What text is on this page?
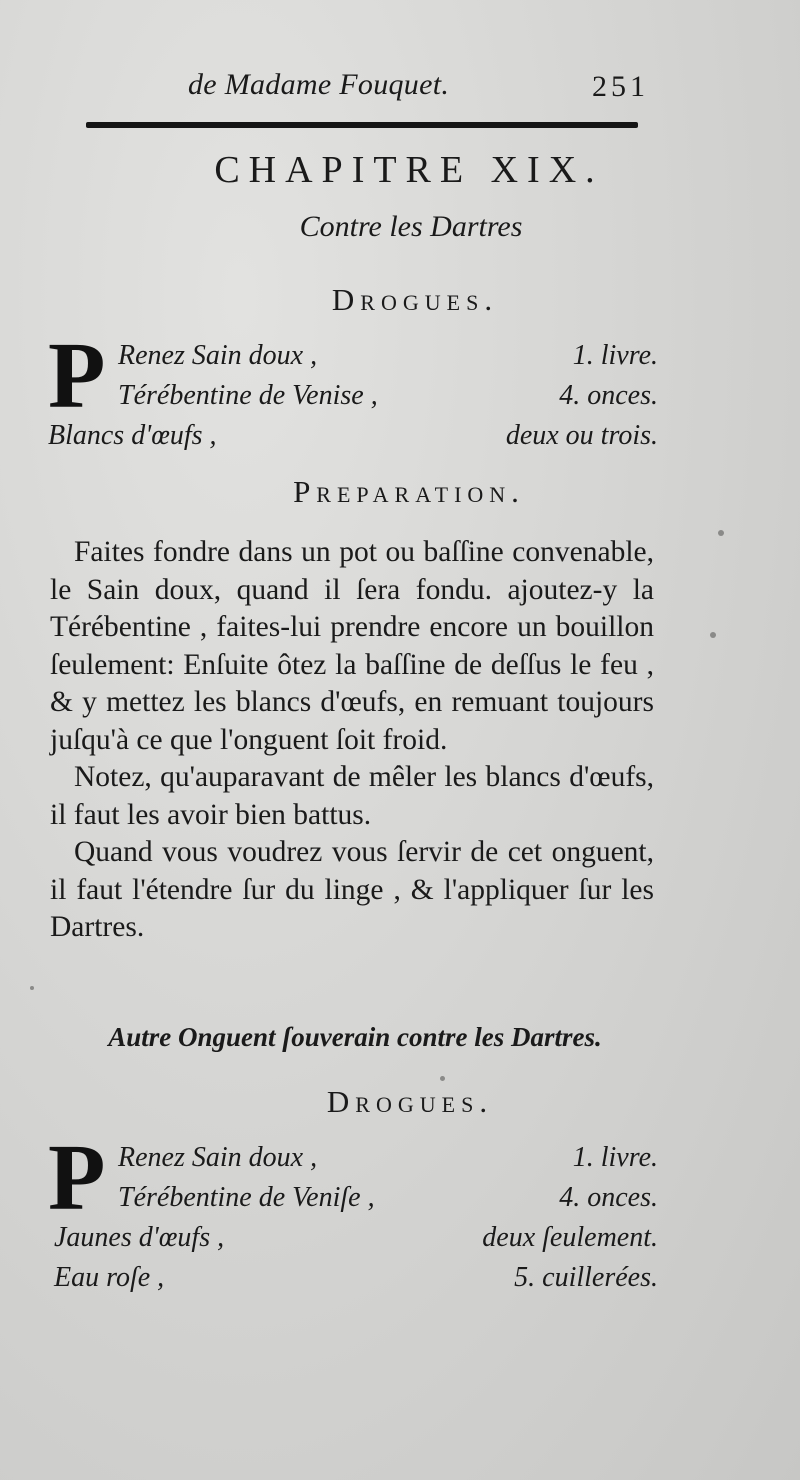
de Madame Fouquet.	251
CHAPITRE XIX.
Contre les Dartres
Drogues.
P Renez Sain doux ,	1. livre.
Térébentine de Venise ,	4. onces.
Blancs d'œufs ,	deux ou trois.
Preparation.

Faites fondre dans un pot ou baſſine convenable, le Sain doux, quand il ſera fondu. ajoutez-y la Térébentine , faites-lui prendre encore un bouillon ſeulement: Enſuite ôtez la baſſine de deſſus le feu , & y mettez les blancs d'œufs, en remuant toujours juſqu'à ce que l'onguent ſoit froid.

Notez, qu'auparavant de mêler les blancs d'œufs, il faut les avoir bien battus.

Quand vous voudrez vous ſervir de cet onguent, il faut l'étendre ſur du linge , & l'appliquer ſur les Dartres.

Autre Onguent ſouverain contre les Dartres.
Drogues.
P Renez Sain doux ,	1. livre.
Térébentine de Veniſe ,	4. onces.
Jaunes d'œufs ,	deux ſeulement.
Eau roſe ,	5. cuillerées.
